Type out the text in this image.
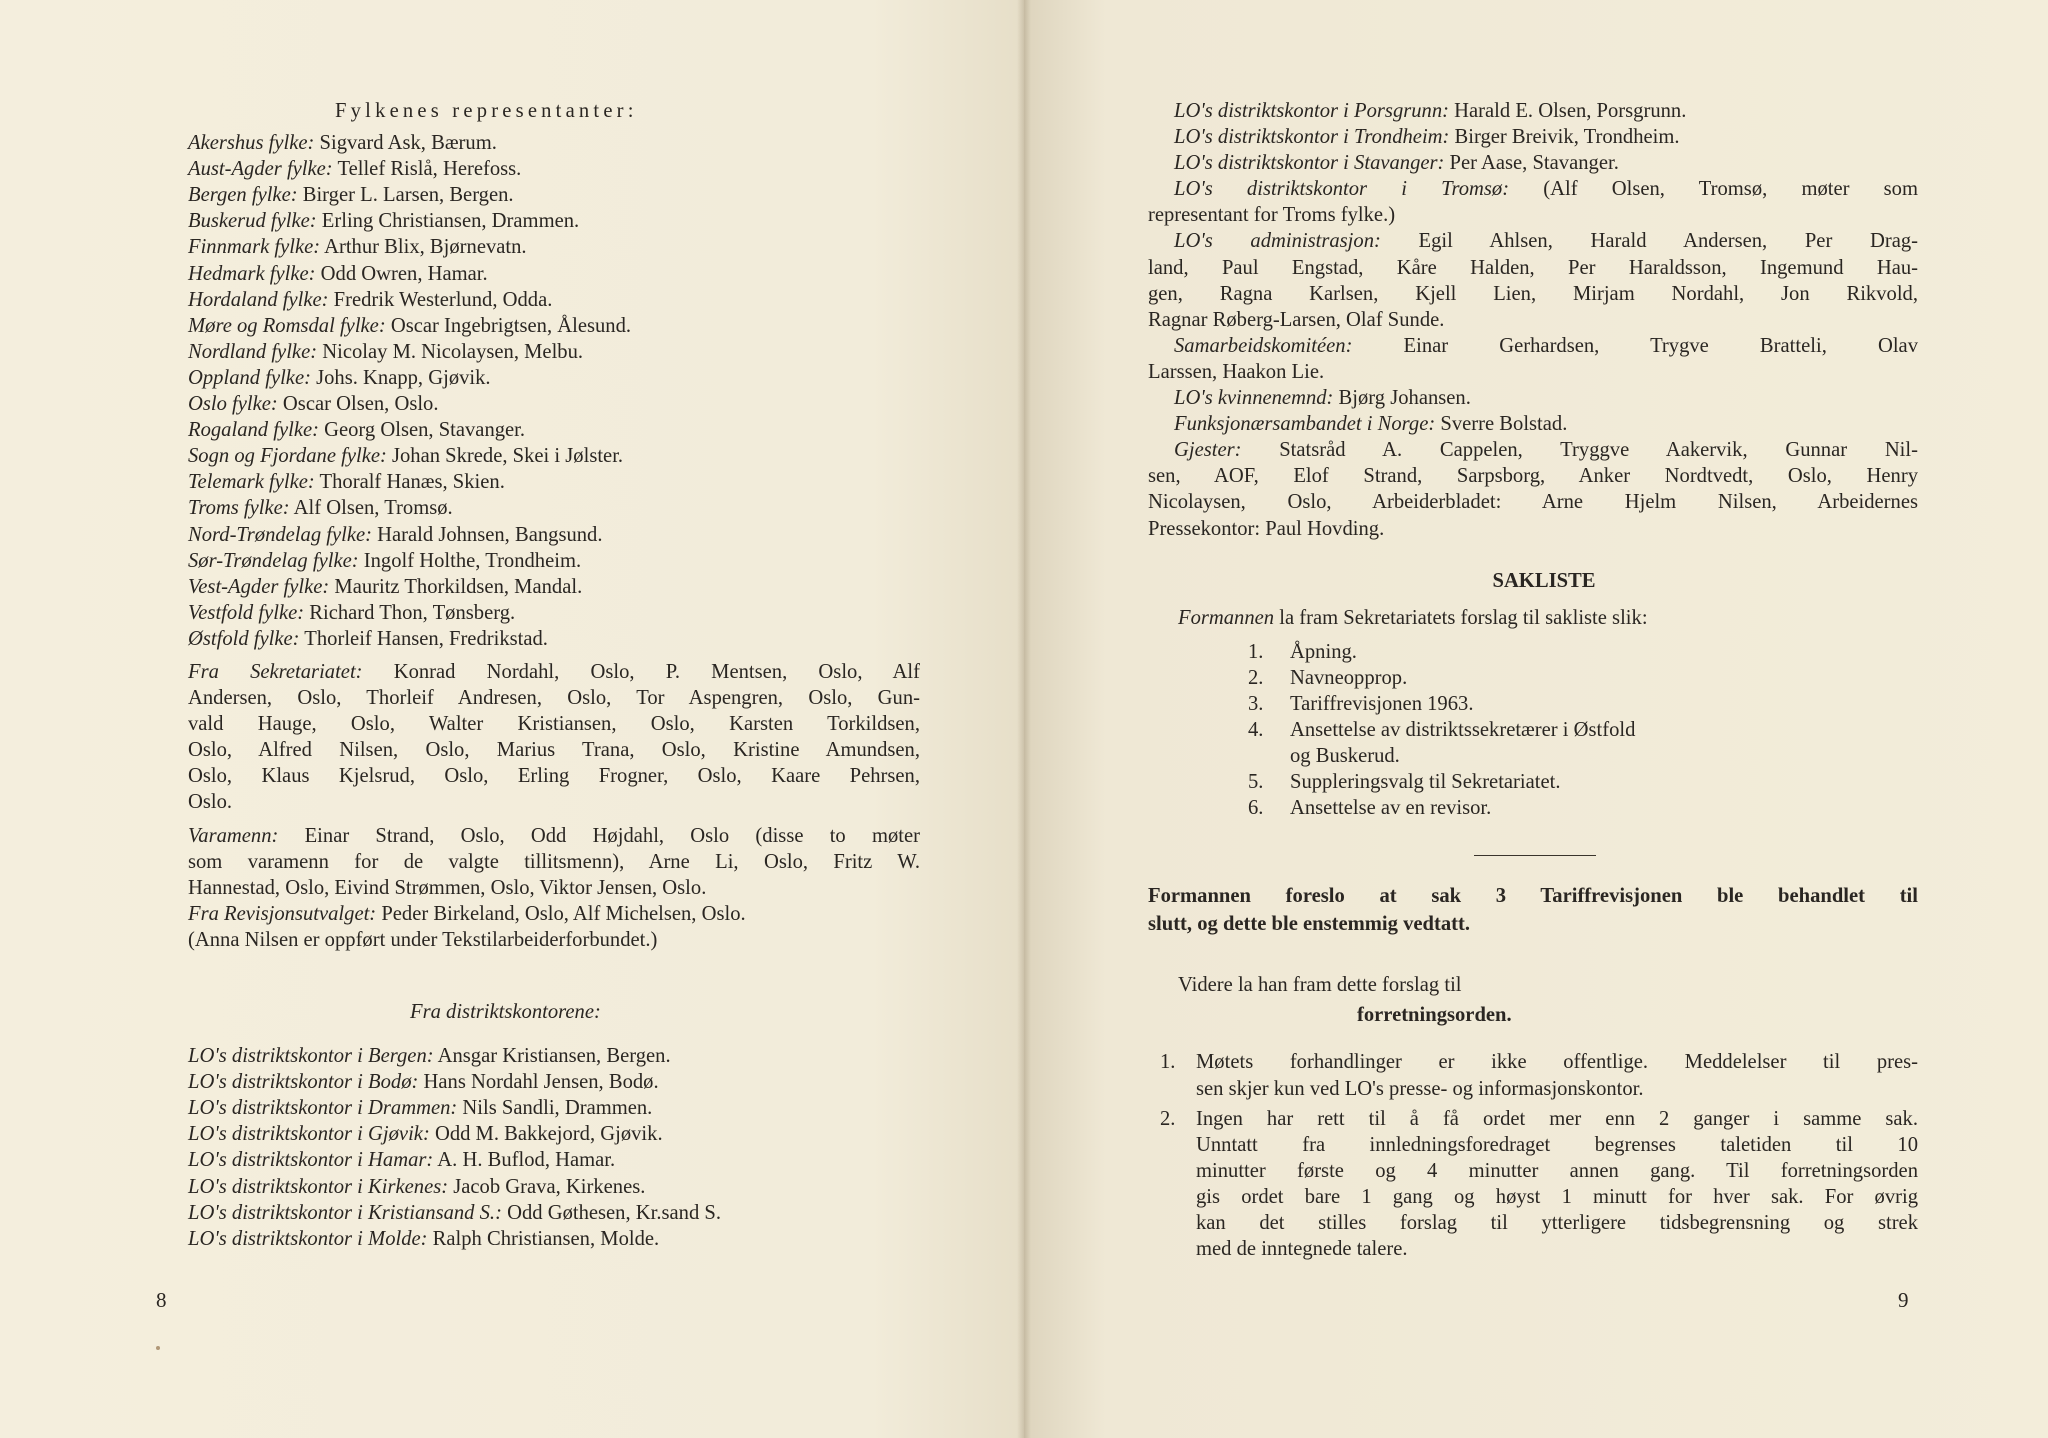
Fylkenes representanter:

Akershus fylke: Sigvard Ask, Bærum.

Aust-Agder fylke: Tellef Rislå, Herefoss.

Bergen fylke: Birger L. Larsen, Bergen.

Buskerud fylke: Erling Christiansen, Drammen.

Finnmark fylke: Arthur Blix, Bjørnevatn.

Hedmark fylke: Odd Owren, Hamar.

Hordaland fylke: Fredrik Westerlund, Odda.

Møre og Romsdal fylke: Oscar Ingebrigtsen, Ålesund.

Nordland fylke: Nicolay M. Nicolaysen, Melbu.

Oppland fylke: Johs. Knapp, Gjøvik.

Oslo fylke: Oscar Olsen, Oslo.

Rogaland fylke: Georg Olsen, Stavanger.

Sogn og Fjordane fylke: Johan Skrede, Skei i Jølster.

Telemark fylke: Thoralf Hanæs, Skien.

Troms fylke: Alf Olsen, Tromsø.

Nord-Trøndelag fylke: Harald Johnsen, Bangsund.

Sør-Trøndelag fylke: Ingolf Holthe, Trondheim.

Vest-Agder fylke: Mauritz Thorkildsen, Mandal.

Vestfold fylke: Richard Thon, Tønsberg.

Østfold fylke: Thorleif Hansen, Fredrikstad.

Fra Sekretariatet: Konrad Nordahl, Oslo, P. Mentsen, Oslo, Alf

Andersen, Oslo, Thorleif Andresen, Oslo, Tor Aspengren, Oslo, Gun-

vald Hauge, Oslo, Walter Kristiansen, Oslo, Karsten Torkildsen,

Oslo, Alfred Nilsen, Oslo, Marius Trana, Oslo, Kristine Amundsen,

Oslo, Klaus Kjelsrud, Oslo, Erling Frogner, Oslo, Kaare Pehrsen,

Oslo.

Varamenn: Einar Strand, Oslo, Odd Højdahl, Oslo (disse to møter

som varamenn for de valgte tillitsmenn), Arne Li, Oslo, Fritz W.

Hannestad, Oslo, Eivind Strømmen, Oslo, Viktor Jensen, Oslo.

Fra Revisjonsutvalget: Peder Birkeland, Oslo, Alf Michelsen, Oslo.

(Anna Nilsen er oppført under Tekstilarbeiderforbundet.)

Fra distriktskontorene:

LO's distriktskontor i Bergen: Ansgar Kristiansen, Bergen.

LO's distriktskontor i Bodø: Hans Nordahl Jensen, Bodø.

LO's distriktskontor i Drammen: Nils Sandli, Drammen.

LO's distriktskontor i Gjøvik: Odd M. Bakkejord, Gjøvik.

LO's distriktskontor i Hamar: A. H. Buflod, Hamar.

LO's distriktskontor i Kirkenes: Jacob Grava, Kirkenes.

LO's distriktskontor i Kristiansand S.: Odd Gøthesen, Kr.sand S.

LO's distriktskontor i Molde: Ralph Christiansen, Molde.

8

LO's distriktskontor i Porsgrunn: Harald E. Olsen, Porsgrunn.

LO's distriktskontor i Trondheim: Birger Breivik, Trondheim.

LO's distriktskontor i Stavanger: Per Aase, Stavanger.

LO's distriktskontor i Tromsø: (Alf Olsen, Tromsø, møter som

representant for Troms fylke.)

LO's administrasjon: Egil Ahlsen, Harald Andersen, Per Drag-

land, Paul Engstad, Kåre Halden, Per Haraldsson, Ingemund Hau-

gen, Ragna Karlsen, Kjell Lien, Mirjam Nordahl, Jon Rikvold,

Ragnar Røberg-Larsen, Olaf Sunde.

Samarbeidskomitéen: Einar Gerhardsen, Trygve Bratteli, Olav

Larssen, Haakon Lie.

LO's kvinnenemnd: Bjørg Johansen.

Funksjonærsambandet i Norge: Sverre Bolstad.

Gjester: Statsråd A. Cappelen, Tryggve Aakervik, Gunnar Nil-

sen, AOF, Elof Strand, Sarpsborg, Anker Nordtvedt, Oslo, Henry

Nicolaysen, Oslo, Arbeiderbladet: Arne Hjelm Nilsen, Arbeidernes

Pressekontor: Paul Hovding.

SAKLISTE

Formannen la fram Sekretariatets forslag til sakliste slik:

1. Åpning.

2. Navneopprop.

3. Tariffrevisjonen 1963.

4. Ansettelse av distriktssekretærer i Østfold

og Buskerud.

5. Suppleringsvalg til Sekretariatet.

6. Ansettelse av en revisor.

Formannen foreslo at sak 3 Tariffrevisjonen ble behandlet til

slutt, og dette ble enstemmig vedtatt.

Videre la han fram dette forslag til

forretningsorden.

1. Møtets forhandlinger er ikke offentlige. Meddelelser til pres-

sen skjer kun ved LO's presse- og informasjonskontor.

2. Ingen har rett til å få ordet mer enn 2 ganger i samme sak.

Unntatt fra innledningsforedraget begrenses taletiden til 10

minutter første og 4 minutter annen gang. Til forretningsorden

gis ordet bare 1 gang og høyst 1 minutt for hver sak. For øvrig

kan det stilles forslag til ytterligere tidsbegrensning og strek

med de inntegnede talere.

9
